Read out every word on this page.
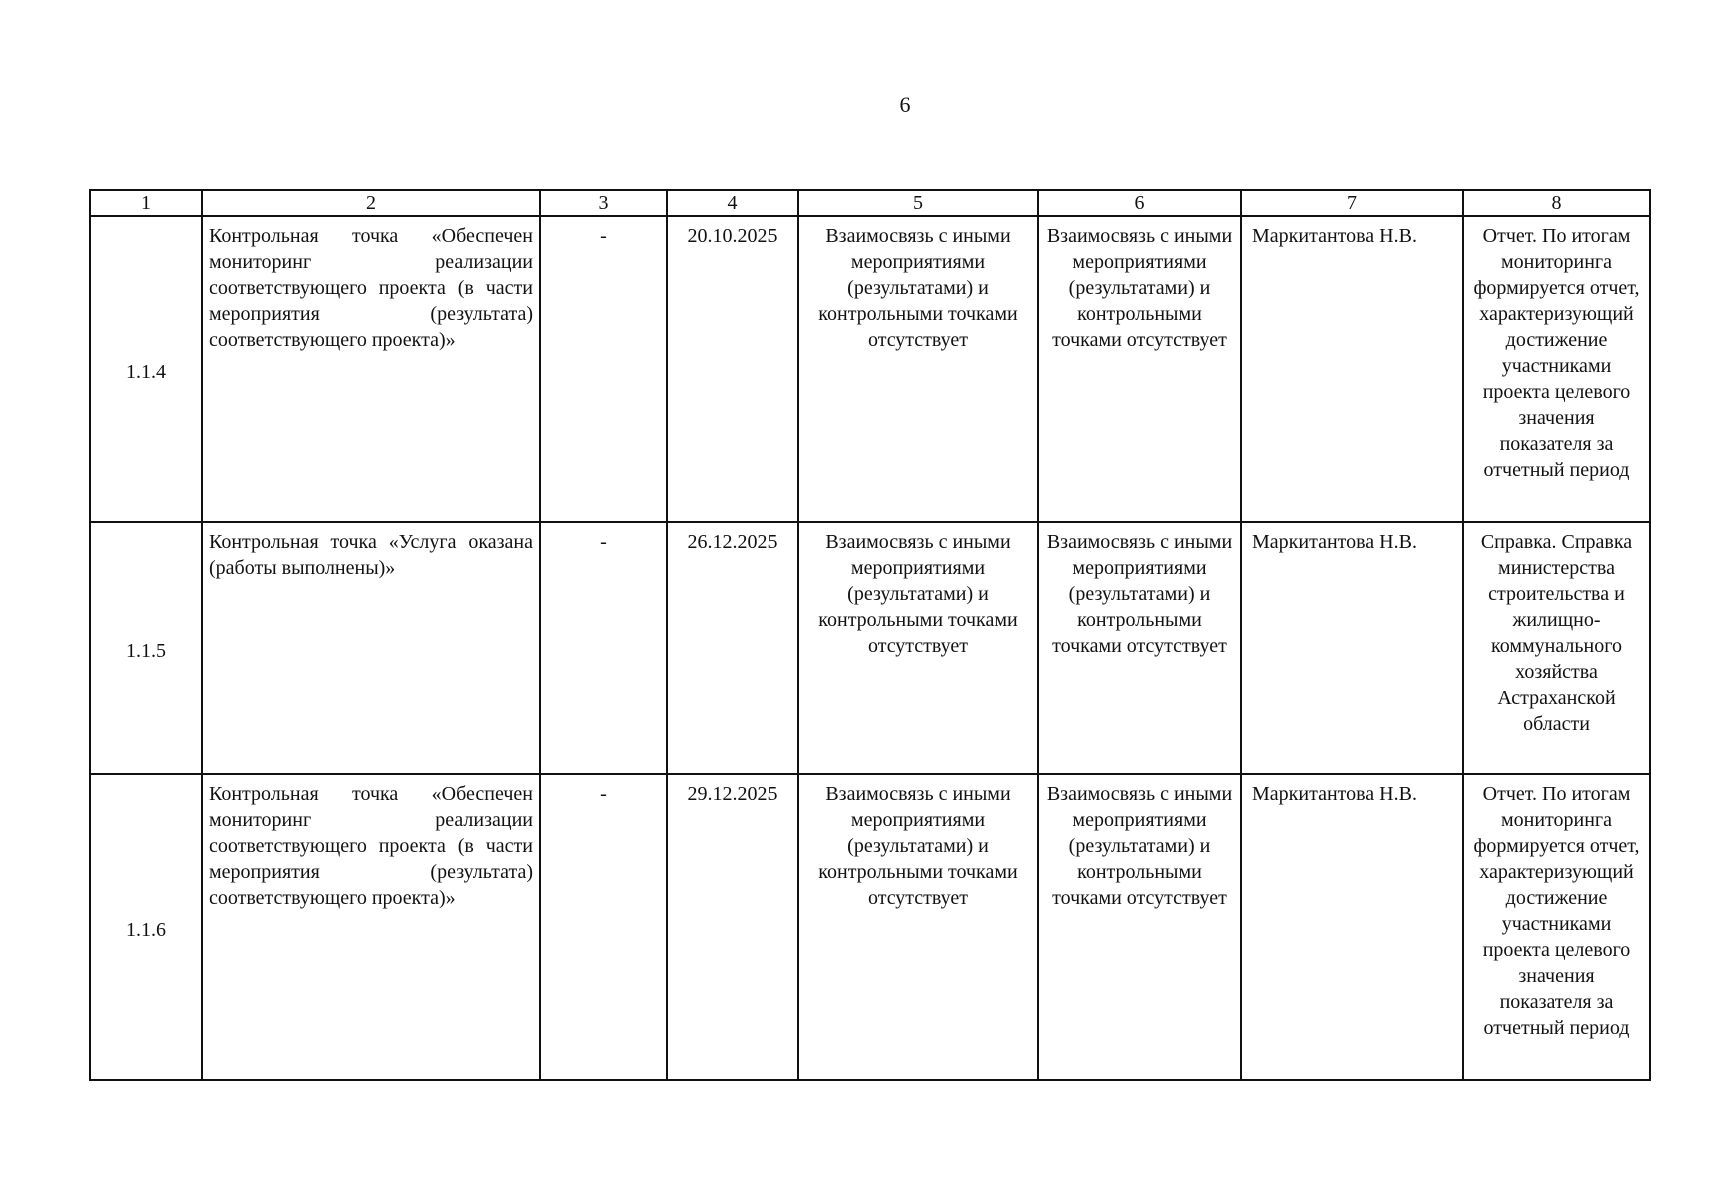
6
1	2	3	4	5	6	7	8
1.1.4	Контрольная точка «Обеспечен мониторинг реализации соответствующего проекта (в части мероприятия (результата) соответствующего проекта)»	-	20.10.2025	Взаимосвязь с иными мероприятиями (результатами) и контрольными точками отсутствует	Взаимосвязь с иными мероприятиями (результатами) и контрольными точками отсутствует	Маркитантова Н.В.	Отчет. По итогам мониторинга формируется отчет, характеризующий достижение участниками проекта целевого значения показателя за отчетный период
1.1.5	Контрольная точка «Услуга оказана (работы выполнены)»	-	26.12.2025	Взаимосвязь с иными мероприятиями (результатами) и контрольными точками отсутствует	Взаимосвязь с иными мероприятиями (результатами) и контрольными точками отсутствует	Маркитантова Н.В.	Справка. Справка министерства строительства и жилищно-коммунального хозяйства Астраханской области
1.1.6	Контрольная точка «Обеспечен мониторинг реализации соответствующего проекта (в части мероприятия (результата) соответствующего проекта)»	-	29.12.2025	Взаимосвязь с иными мероприятиями (результатами) и контрольными точками отсутствует	Взаимосвязь с иными мероприятиями (результатами) и контрольными точками отсутствует	Маркитантова Н.В.	Отчет. По итогам мониторинга формируется отчет, характеризующий достижение участниками проекта целевого значения показателя за отчетный период
